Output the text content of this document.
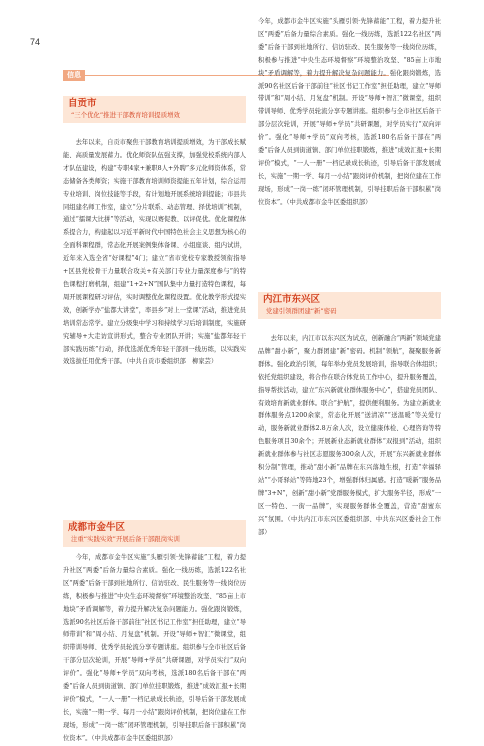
74
信息
自贡市
“三个优化”推进干部教育培训提质增效
去年以来，自贡市聚焦干部教育培训提质增效，为干部成长赋能、高质量发展蓄力。优化师资队伍强支撑，加强党校系统内部人才队伍建设，构建“专职4家+兼职8人+外聘”多元化师资体系，常态储备各类师资；实施干部教育培训师资提能五年计划，综合运用专业培训、岗位技能等手段，有计划地开展系统培训提能；市县共同组建名师工作室，建立“分片联系、动态管理、择优培训”机制，通过“擂课大比拼”等活动，实现以赛促教、以评促优。优化课程体系提合力，构建起以习近平新时代中国特色社会主义思想为核心的全面科课程群，常态化开展案例集体备课、小组座谈、组内试讲，近年来入选全省“好课程”4门；建立“省市党校专家教授领衔指导+区县党校骨干力量联合攻关+有关部门专业力量深度参与”的特色课程打磨机制，组建“1+2+N”国队集中力量打造特色课程，每周开展课程研习评估，实时调整优化课程设置。优化教学形式提实效，创新学办“盐都大讲堂”，率县乡“对上一堂课”活动，推进党员培训常态常学。建立分级集中学习和持续学习后培训制度，实施研究辅导+大走访宣讲形式，整合专业团队开讲；实施“盐都年轻干部实践历练”行动，择优选派优秀年轻干部到一线历练，以实践实效选拔任用优秀干部。（中共自贡市委组织部　柳家芸）
成都市金牛区
注重“实践实效”开展后备干部跟岗实训
今年，成都市金牛区实施“头雁引领·先锋蓄能”工程，着力提升社区“两委”后备力量综合素质。强化一线历练，选派122名社区“两委”后备干部到社地所行、信访驻改、民生服务等一线岗位历练，积极参与推进“中央生态环境督察”环境整治攻坚、“85亩上市地块”矛盾调解等，着力提升解决复杂问题能力。强化跟岗锻炼，选派90名社区后备干部前往“社区书记工作室”担任助理，建立“导师带训”和“周小结、月复盘”机制。开设“导师+智汇”微课堂，组织带训导师、优秀学员轮流分享专题讲座。组织参与全市社区后备干部分层次轮训，开展“导师+学员”共研课题，对学员实行“双向评价”。强化“导师+学员”双向考核，选派180名后备干部在“两委”后备人员到街道镇、部门单位挂职锻炼，推进“成效汇报+长期评价”模式，“一人一册”一档记录成长轨迹，引导后备干部发展成长，实施“一期一学、每月一小结”跟岗评价机制，把岗位建在工作现场，形成“一岗一练”闭环管理机制，引导挂职后备干部积累“岗位资本”。（中共成都市金牛区委组织部）
今年，成都市金牛区实施“头雁引领·先锋蓄能”工程，着力提升社区“两委”后备力量综合素质。强化一线历练，选派122名社区“两委”后备干部到社地所行、信访驻改、民生服务等一线岗位历练，积极参与推进“中央生态环境督察”环境整治攻坚、“85亩上市地块”矛盾调解等，着力提升解决复杂问题能力。强化跟岗锻炼，选派90名社区后备干部前往“社区书记工作室”担任助理，建立“导师带训”和“周小结、月复盘”机制。开设“导师+智汇”微课堂，组织带训导师、优秀学员轮流分享专题讲座。组织参与全市社区后备干部分层次轮训，开展“导师+学员”共研课题，对学员实行“双向评价”。强化“导师+学员”双向考核，选派180名后备干部在“两委”后备人员到街道镇、部门单位挂职锻炼，推进“成效汇报+长期评价”模式，“一人一册”一档记录成长轨迹，引导后备干部发展成长，实施“一期一学、每月一小结”跟岗评价机制，把岗位建在工作现场，形成“一岗一练”闭环管理机制，引导挂职后备干部积累“岗位资本”。（中共成都市金牛区委组织部）
内江市东兴区
党建引领群团建“新”密码
去年以来，内江市以东兴区为试点，创新融合“两新”领域党建品牌“甜小新”，聚力群团建“新”密码。机制“领航”，凝聚服务新群体。强化政治引领，每年举办党员发展培训，指导联合体组织；依托党组织建设，将合作在联合体党员工作中心，提升服务覆盖，指导帮扶活动，建立“东兴新就业群体服务中心”，搭建党员团队、有效培育新就业群体。联合“护航”，提供便利服务。为建立新就业群体服务点1200余家，常态化开展“送清凉”“送温暖”等关爱行动，服务新就业群体2.8万余人次，设立健康体检、心理咨询等特色服务项目30余个；开展新业态新就业群体“双报到”活动，组织新就业群体参与社区志愿服务300余人次，开展“东兴新就业群体积分制”管理，推动“甜小新”品牌在东兴落地生根，打造“幸福驿站”“小哥驿站”等阵地23个，增强群体归属感。打造“暖新”服务品牌“3+N”，创新“甜小新”党群服务模式，扩大服务半径，形成“一区一特色、一街一品牌”，实现服务群体全覆盖，营造“甜蜜东兴”氛围。（中共内江市东兴区委组织部、中共东兴区委社会工作部）
